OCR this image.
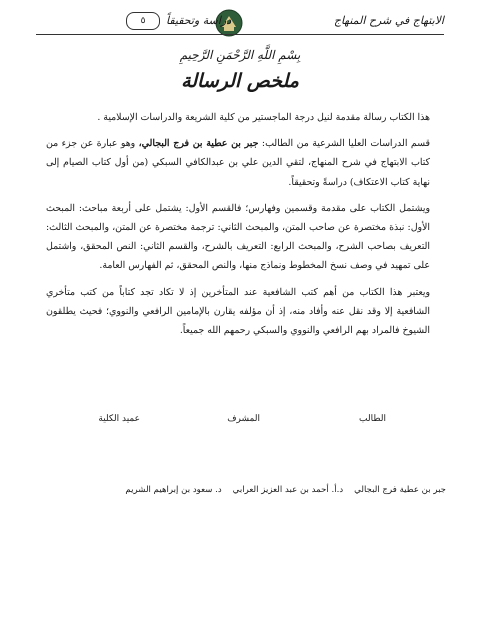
الابتهاج في شرح المنهاج
دراسة وتحقيقاً
٥
بِسْمِ اللَّهِ الرَّحْمَنِ الرَّحِيمِ
ملخص الرسالة

هذا الكتاب رسالة مقدمة لنيل درجة الماجستير من كلية الشريعة والدراسات الإسلامية ‏.

قسم الدراسات العليا الشرعية من الطالب: جبر بن عطية بن فرج البجالي، وهو عبارة عن جزء من كتاب الابتهاج في شرح المنهاج، لتقي الدين علي بن عبدالكافي السبكي (من أول كتاب الصيام إلى نهاية كتاب الاعتكاف) دراسةً وتحقيقاً.

ويشتمل الكتاب على مقدمة وقسمين وفهارس؛ فالقسم الأول: يشتمل على أربعة مباحث: المبحث الأول: نبذة مختصرة عن صاحب المتن، والمبحث الثاني: ترجمة مختصرة عن المتن، والمبحث الثالث: التعريف بصاحب الشرح، والمبحث الرابع: التعريف بالشرح، والقسم الثاني: النص المحقق، واشتمل على تمهيد في وصف نسخ المخطوط ونماذج منها، والنص المحقق، ثم الفهارس العامة.

ويعتبر هذا الكتاب من أهم كتب الشافعية عند المتأخرين إذ لا تكاد تجد كتاباً من كتب متأخري الشافعية إلا وقد نقل عنه وأفاد منه، إذ أن مؤلفه يقارن بالإمامين الرافعي والنووي؛ فحيث يطلقون الشيوخ فالمراد بهم الرافعي والنووي والسبكي رحمهم الله جميعاً.

الطالب
المشرف
عميد الكلية
جبر بن عطية فرج البجالي    د.أ. أحمد بن عبد العزيز العرابي    د. سعود بن إبراهيم الشريم
